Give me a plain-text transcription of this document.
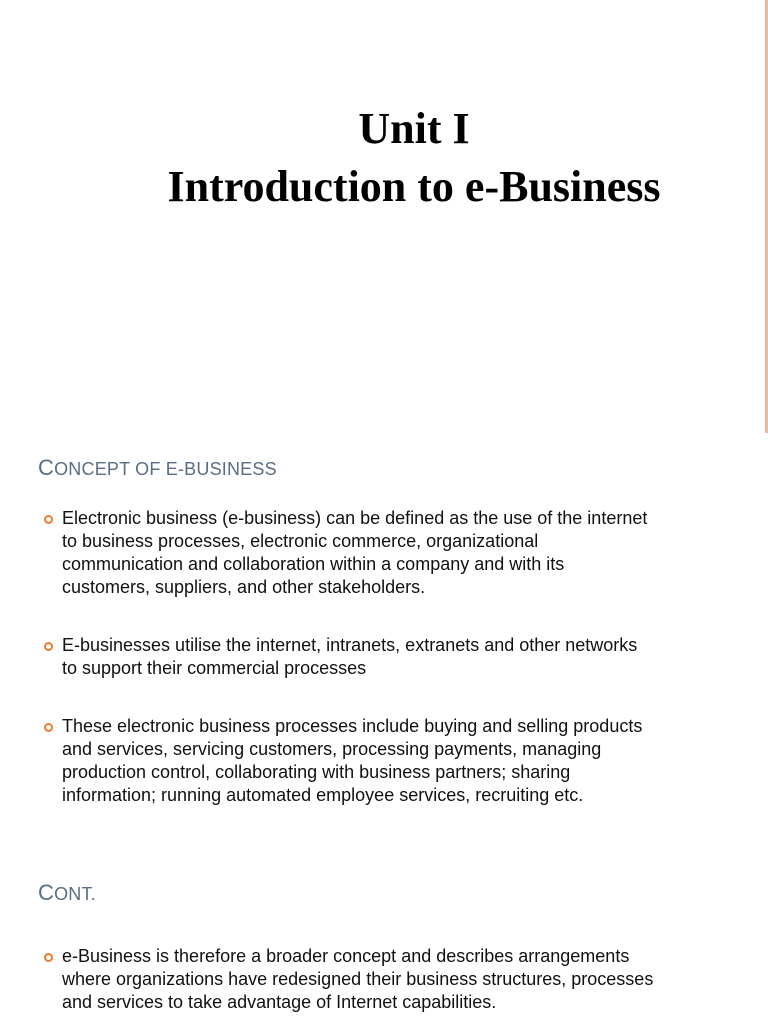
Unit I
Introduction to e-Business
CONCEPT OF E-BUSINESS
Electronic business (e-business) can be defined as the use of the internet to business processes, electronic commerce, organizational communication and collaboration within a company and with its customers, suppliers, and other stakeholders.
E-businesses utilise the internet, intranets, extranets and other networks to support their commercial processes
These electronic business processes include buying and selling products and services, servicing customers, processing payments, managing production control, collaborating with business partners; sharing information; running automated employee services, recruiting etc.
CONT.
e-Business is therefore a broader concept and describes arrangements where organizations have redesigned their business structures, processes and services to take advantage of Internet capabilities.
